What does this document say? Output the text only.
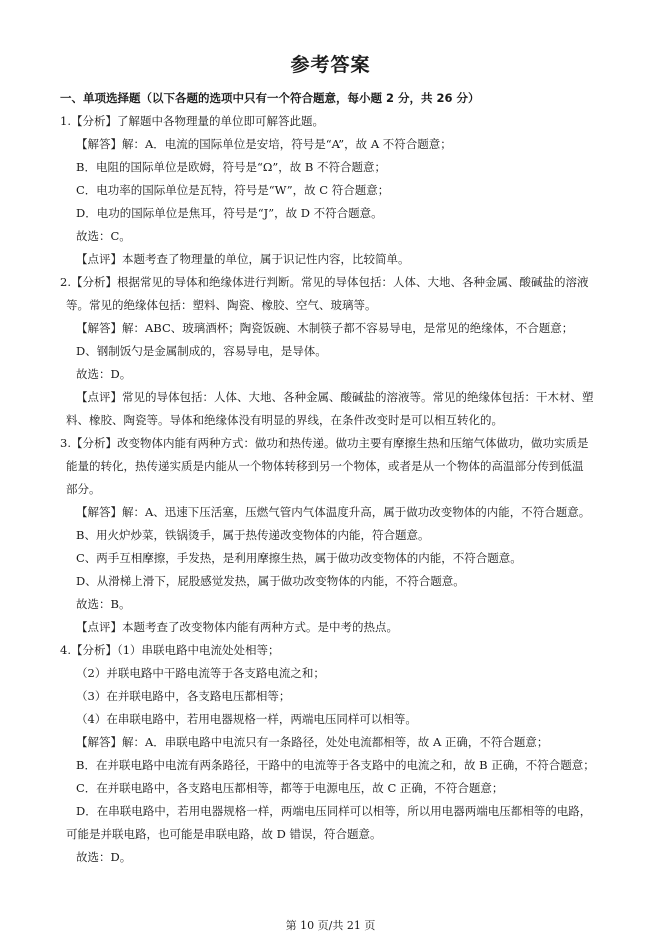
参考答案
一、单项选择题（以下各题的选项中只有一个符合题意，每小题 2 分，共 26 分）
1.【分析】了解题中各物理量的单位即可解答此题。
【解答】解：A．电流的国际单位是安培，符号是“A”，故 A 不符合题意；
B．电阻的国际单位是欧姆，符号是“Ω”，故 B 不符合题意；
C．电功率的国际单位是瓦特，符号是“W”，故 C 符合题意；
D．电功的国际单位是焦耳，符号是“J”，故 D 不符合题意。
故选：C。
【点评】本题考查了物理量的单位，属于识记性内容，比较简单。
2.【分析】根据常见的导体和绝缘体进行判断。常见的导体包括：人体、大地、各种金属、酸碱盐的溶液
等。常见的绝缘体包括：塑料、陶瓷、橡胶、空气、玻璃等。
【解答】解：ABC、玻璃酒杯；陶瓷饭碗、木制筷子都不容易导电，是常见的绝缘体，不合题意；
D、钢制饭勺是金属制成的，容易导电，是导体。
故选：D。
【点评】常见的导体包括：人体、大地、各种金属、酸碱盐的溶液等。常见的绝缘体包括：干木材、塑
料、橡胶、陶瓷等。导体和绝缘体没有明显的界线，在条件改变时是可以相互转化的。
3.【分析】改变物体内能有两种方式：做功和热传递。做功主要有摩擦生热和压缩气体做功，做功实质是
能量的转化，热传递实质是内能从一个物体转移到另一个物体，或者是从一个物体的高温部分传到低温
部分。
【解答】解：A、迅速下压活塞，压燃气管内气体温度升高，属于做功改变物体的内能，不符合题意。
B、用火炉炒菜，铁锅烫手，属于热传递改变物体的内能，符合题意。
C、两手互相摩擦，手发热，是利用摩擦生热，属于做功改变物体的内能，不符合题意。
D、从滑梯上滑下，屁股感觉发热，属于做功改变物体的内能，不符合题意。
故选：B。
【点评】本题考查了改变物体内能有两种方式。是中考的热点。
4.【分析】（1）串联电路中电流处处相等；
（2）并联电路中干路电流等于各支路电流之和；
（3）在并联电路中，各支路电压都相等；
（4）在串联电路中，若用电器规格一样，两端电压同样可以相等。
【解答】解：A．串联电路中电流只有一条路径，处处电流都相等，故 A 正确，不符合题意；
B．在并联电路中电流有两条路径，干路中的电流等于各支路中的电流之和，故 B 正确，不符合题意；
C．在并联电路中，各支路电压都相等，都等于电源电压，故 C 正确，不符合题意；
D．在串联电路中，若用电器规格一样，两端电压同样可以相等，所以用电器两端电压都相等的电路，
可能是并联电路，也可能是串联电路，故 D 错误，符合题意。
故选：D。
第 10 页/共 21 页
